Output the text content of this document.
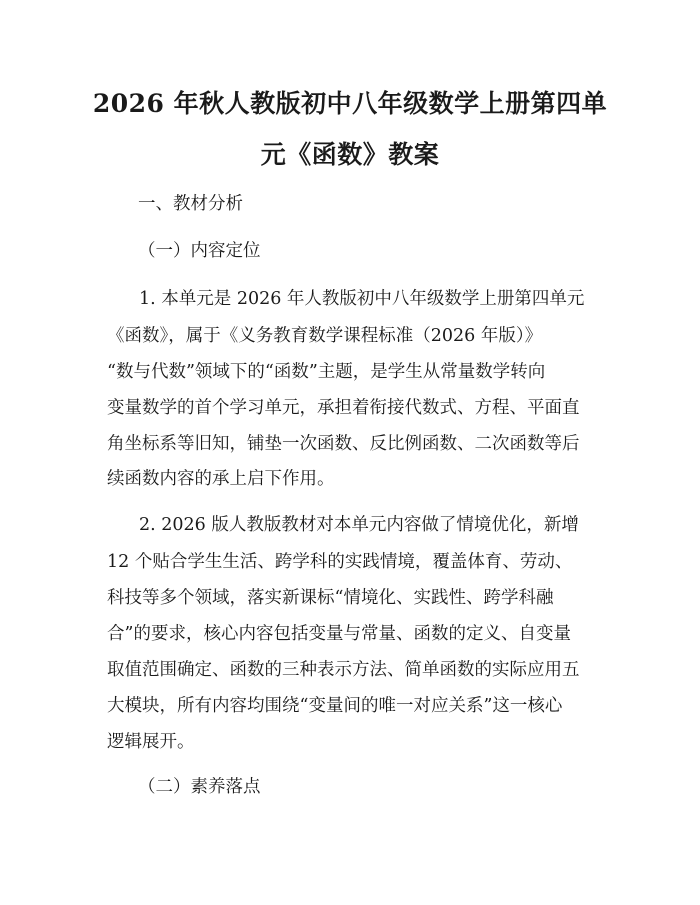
2026 年秋人教版初中八年级数学上册第四单
元《函数》教案
一、教材分析
（一）内容定位
1. 本单元是 2026 年人教版初中八年级数学上册第四单元
《函数》，属于《义务教育数学课程标准（2026 年版）》
“数与代数”领域下的“函数”主题，是学生从常量数学转向
变量数学的首个学习单元，承担着衔接代数式、方程、平面直
角坐标系等旧知，铺垫一次函数、反比例函数、二次函数等后
续函数内容的承上启下作用。
2. 2026 版人教版教材对本单元内容做了情境优化，新增
12 个贴合学生生活、跨学科的实践情境，覆盖体育、劳动、
科技等多个领域，落实新课标“情境化、实践性、跨学科融
合”的要求，核心内容包括变量与常量、函数的定义、自变量
取值范围确定、函数的三种表示方法、简单函数的实际应用五
大模块，所有内容均围绕“变量间的唯一对应关系”这一核心
逻辑展开。
（二）素养落点
